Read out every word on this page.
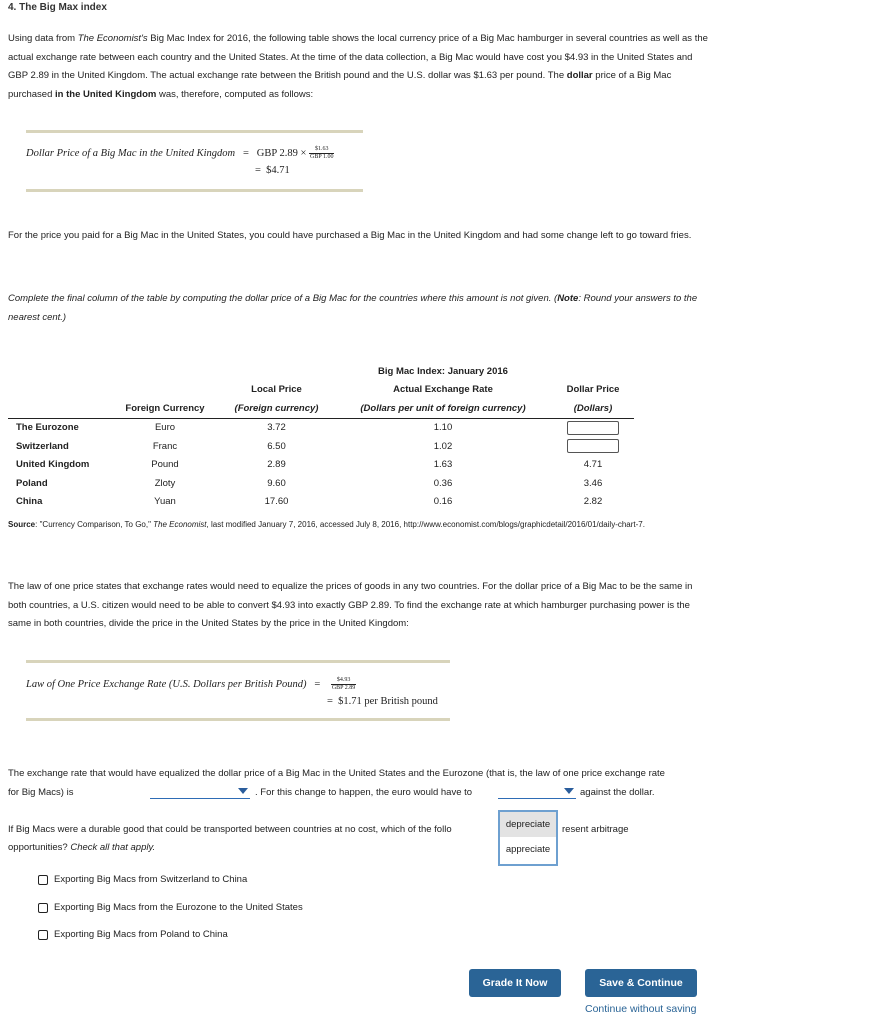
4. The Big Max index

Using data from The Economist's Big Mac Index for 2016, the following table shows the local currency price of a Big Mac hamburger in several countries as well as the actual exchange rate between each country and the United States. At the time of the data collection, a Big Mac would have cost you $4.93 in the United States and GBP 2.89 in the United Kingdom. The actual exchange rate between the British pound and the U.S. dollar was $1.63 per pound. The dollar price of a Big Mac purchased in the United Kingdom was, therefore, computed as follows:

Dollar Price of a Big Mac in the United Kingdom = GBP $2.89 \times \frac{\$1.63}{\text{GBP 1.00}}$
= $4.71

For the price you paid for a Big Mac in the United States, you could have purchased a Big Mac in the United Kingdom and had some change left to go toward fries.

Complete the final column of the table by computing the dollar price of a Big Mac for the countries where this amount is not given. (Note: Round your answers to the nearest cent.)

			Big Mac Index: January 2016	
		Local Price	Actual Exchange Rate	Dollar Price
	Foreign Currency	(Foreign currency)	(Dollars per unit of foreign currency)	(Dollars)
The Eurozone	Euro	3.72	1.10	
Switzerland	Franc	6.50	1.02	
United Kingdom	Pound	2.89	1.63	4.71
Poland	Zloty	9.60	0.36	3.46
China	Yuan	17.60	0.16	2.82

Source: "Currency Comparison, To Go," The Economist, last modified January 7, 2016, accessed July 8, 2016, http://www.economist.com/blogs/graphicdetail/2016/01/daily-chart-7.

The law of one price states that exchange rates would need to equalize the prices of goods in any two countries. For the dollar price of a Big Mac to be the same in both countries, a U.S. citizen would need to be able to convert $4.93 into exactly GBP 2.89. To find the exchange rate at which hamburger purchasing power is the same in both countries, divide the price in the United States by the price in the United Kingdom:

Law of One Price Exchange Rate (U.S. Dollars per British Pound) = $\frac{\$4.93}{\text{GBP 2.89}}$
= $1.71 per British pound

The exchange rate that would have equalized the dollar price of a Big Mac in the United States and the Eurozone (that is, the law of one price exchange rate for Big Macs) is	. For this change to happen, the euro would have to	against the dollar.
If Big Macs were a durable good that could be transported between countries at no cost, which of the follo	resent arbitrage
opportunities? Check all that apply.
depreciate
appreciate
Exporting Big Macs from Switzerland to China
Exporting Big Macs from the Eurozone to the United States
Exporting Big Macs from Poland to China
Grade It Now	Save & Continue
Continue without saving
